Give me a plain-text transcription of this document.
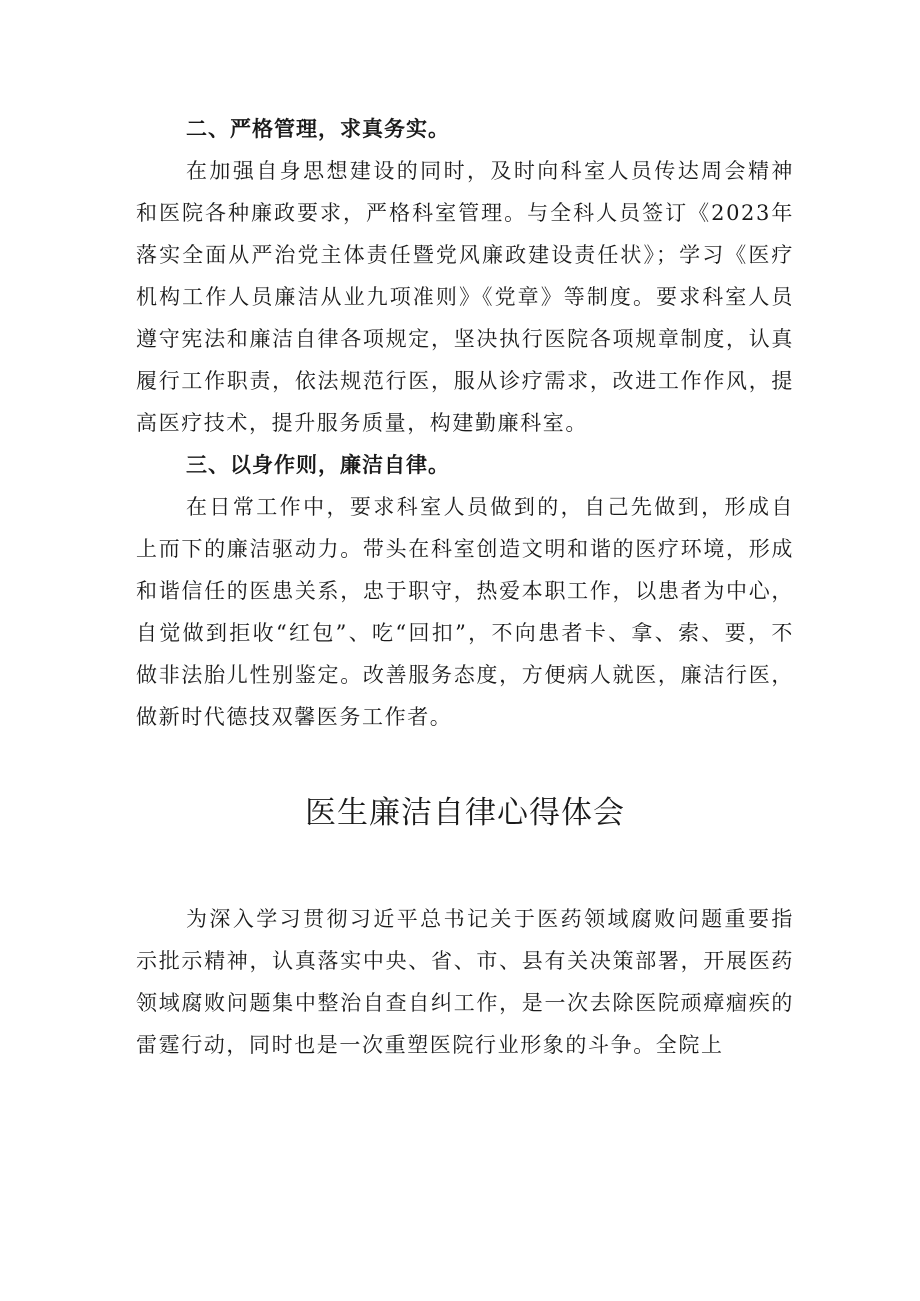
二、严格管理，求真务实。

在加强自身思想建设的同时，及时向科室人员传达周会精神和医院各种廉政要求，严格科室管理。与全科人员签订《2023年落实全面从严治党主体责任暨党风廉政建设责任状》；学习《医疗机构工作人员廉洁从业九项准则》《党章》等制度。要求科室人员遵守宪法和廉洁自律各项规定，坚决执行医院各项规章制度，认真履行工作职责，依法规范行医，服从诊疗需求，改进工作作风，提高医疗技术，提升服务质量，构建勤廉科室。

三、以身作则，廉洁自律。

在日常工作中，要求科室人员做到的，自己先做到，形成自上而下的廉洁驱动力。带头在科室创造文明和谐的医疗环境，形成和谐信任的医患关系，忠于职守，热爱本职工作，以患者为中心，自觉做到拒收“红包”、吃“回扣”，不向患者卡、拿、索、要，不做非法胎儿性别鉴定。改善服务态度，方便病人就医，廉洁行医，做新时代德技双馨医务工作者。

医生廉洁自律心得体会

为深入学习贯彻习近平总书记关于医药领域腐败问题重要指示批示精神，认真落实中央、省、市、县有关决策部署，开展医药领域腐败问题集中整治自查自纠工作，是一次去除医院顽瘴痼疾的雷霆行动，同时也是一次重塑医院行业形象的斗争。全院上
